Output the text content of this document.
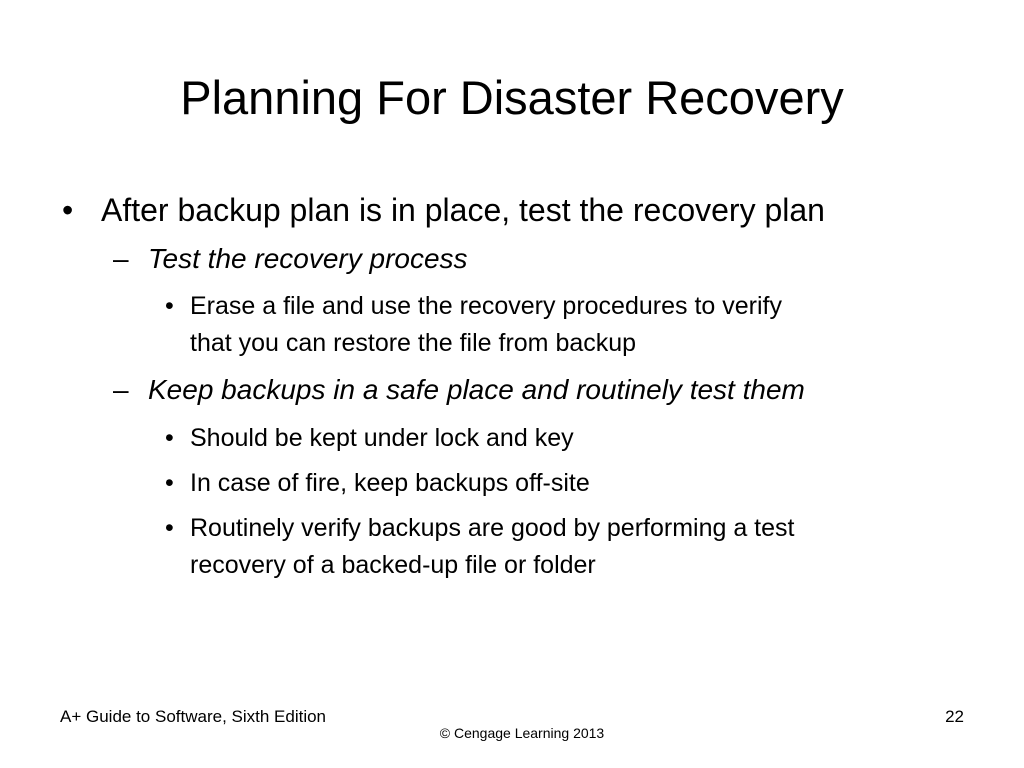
Planning For Disaster Recovery
• After backup plan is in place, test the recovery plan
– Test the recovery process
• Erase a file and use the recovery procedures to verify
that you can restore the file from backup
– Keep backups in a safe place and routinely test them
• Should be kept under lock and key
• In case of fire, keep backups off-site
• Routinely verify backups are good by performing a test
recovery of a backed-up file or folder
A+ Guide to Software, Sixth Edition
© Cengage Learning 2013
22
